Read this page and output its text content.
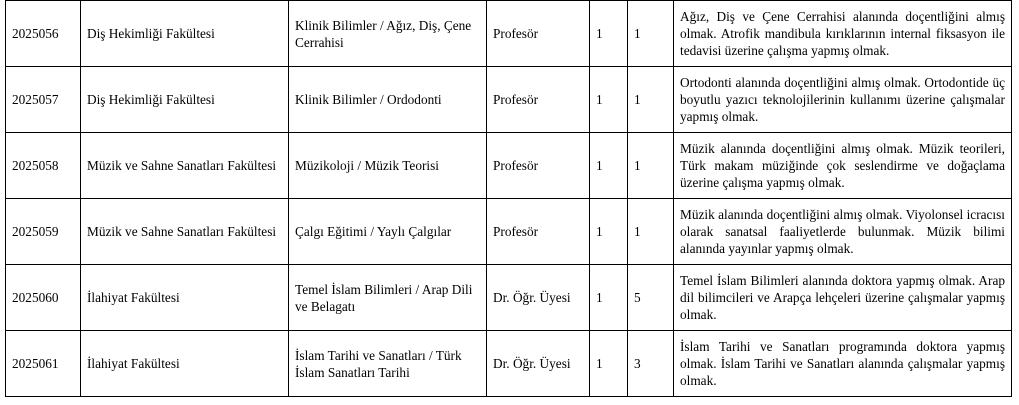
2025056	Diş Hekimliği Fakültesi	Klinik Bilimler / Ağız, Diş, Çene Cerrahisi	Profesör	1	1	Ağız, Diş ve Çene Cerrahisi alanında doçentliğini almış olmak. Atrofik mandibula kırıklarının internal fiksasyon ile tedavisi üzerine çalışma yapmış olmak.
2025057	Diş Hekimliği Fakültesi	Klinik Bilimler / Ordodonti	Profesör	1	1	Ortodonti alanında doçentliğini almış olmak. Ortodontide üç boyutlu yazıcı teknolojilerinin kullanımı üzerine çalışmalar yapmış olmak.
2025058	Müzik ve Sahne Sanatları Fakültesi	Müzikoloji / Müzik Teorisi	Profesör	1	1	Müzik alanında doçentliğini almış olmak. Müzik teorileri, Türk makam müziğinde çok seslendirme ve doğaçlama üzerine çalışma yapmış olmak.
2025059	Müzik ve Sahne Sanatları Fakültesi	Çalgı Eğitimi / Yaylı Çalgılar	Profesör	1	1	Müzik alanında doçentliğini almış olmak. Viyolonsel icracısı olarak sanatsal faaliyetlerde bulunmak. Müzik bilimi alanında yayınlar yapmış olmak.
2025060	İlahiyat Fakültesi	Temel İslam Bilimleri / Arap Dili ve Belagatı	Dr. Öğr. Üyesi	1	5	Temel İslam Bilimleri alanında doktora yapmış olmak. Arap dil bilimcileri ve Arapça lehçeleri üzerine çalışmalar yapmış olmak.
2025061	İlahiyat Fakültesi	İslam Tarihi ve Sanatları / Türk İslam Sanatları Tarihi	Dr. Öğr. Üyesi	1	3	İslam Tarihi ve Sanatları programında doktora yapmış olmak. İslam Tarihi ve Sanatları alanında çalışmalar yapmış olmak.
